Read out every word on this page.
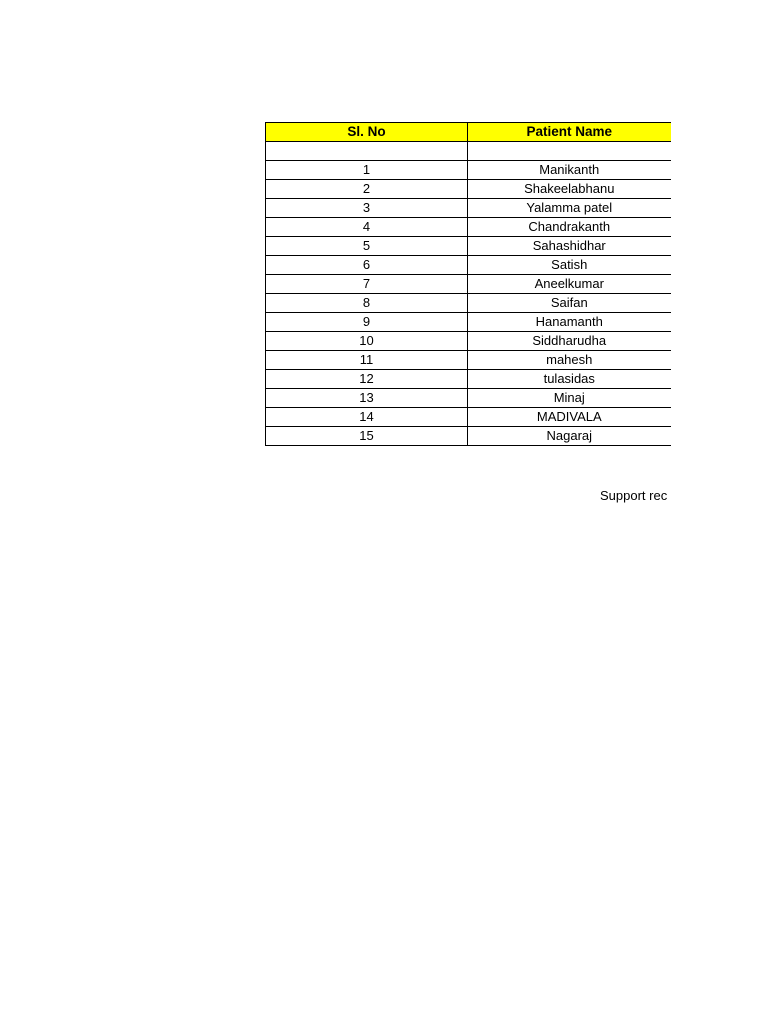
Sl. No	Patient Name

1	Manikanth
2	Shakeelabhanu
3	Yalamma patel
4	Chandrakanth
5	Sahashidhar
6	Satish
7	Aneelkumar
8	Saifan
9	Hanamanth
10	Siddharudha
11	mahesh
12	tulasidas
13	Minaj
14	MADIVALA
15	Nagaraj
Support rec
